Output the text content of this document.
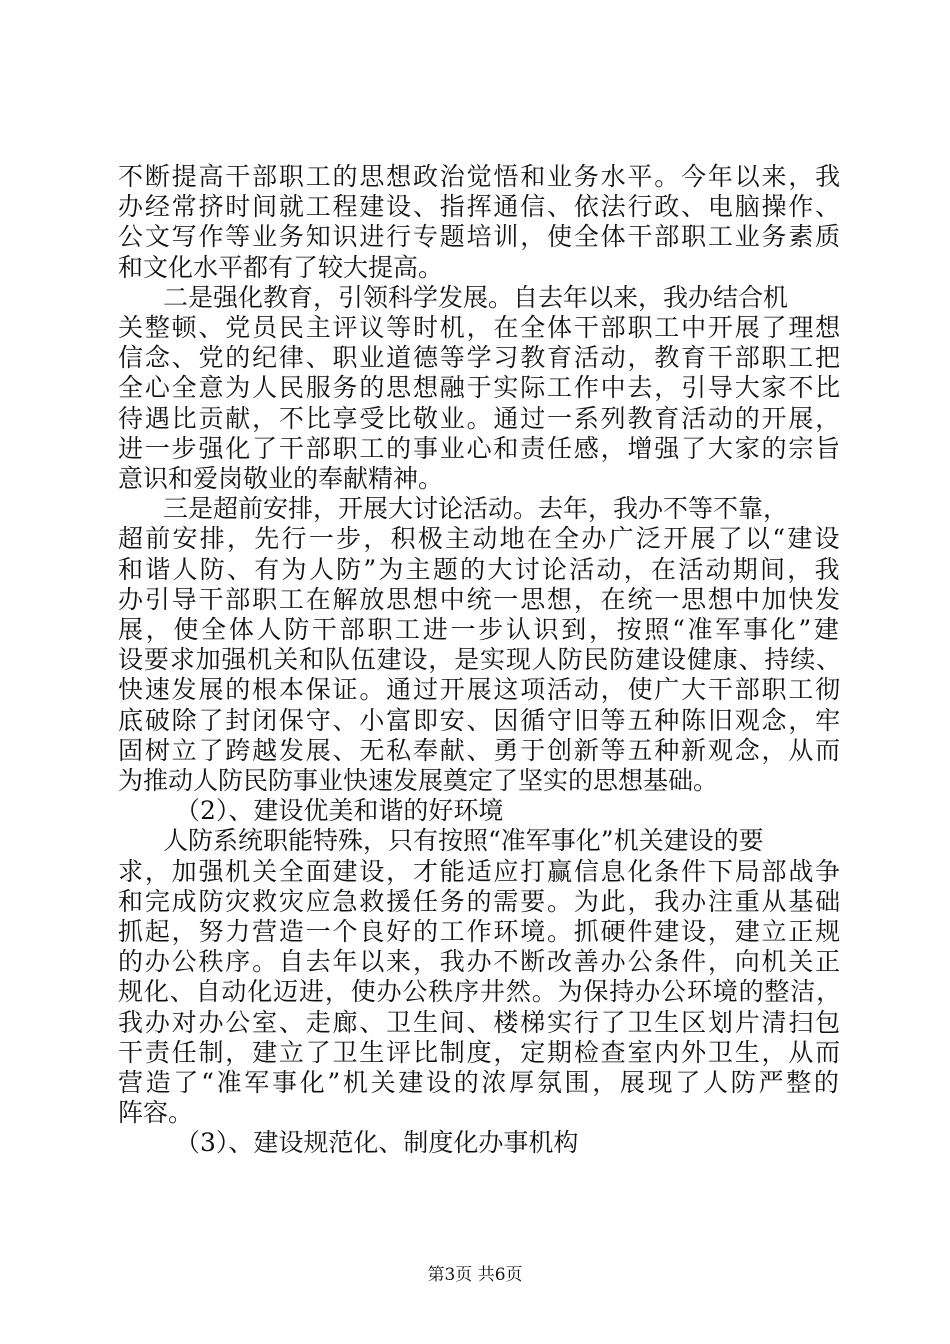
不断提高干部职工的思想政治觉悟和业务水平。今年以来，我
办经常挤时间就工程建设、指挥通信、依法行政、电脑操作、
公文写作等业务知识进行专题培训，使全体干部职工业务素质
和文化水平都有了较大提高。
二是强化教育，引领科学发展。自去年以来，我办结合机
关整顿、党员民主评议等时机，在全体干部职工中开展了理想
信念、党的纪律、职业道德等学习教育活动，教育干部职工把
全心全意为人民服务的思想融于实际工作中去，引导大家不比
待遇比贡献，不比享受比敬业。通过一系列教育活动的开展，
进一步强化了干部职工的事业心和责任感，增强了大家的宗旨
意识和爱岗敬业的奉献精神。
三是超前安排，开展大讨论活动。去年，我办不等不靠，
超前安排，先行一步，积极主动地在全办广泛开展了以“建设
和谐人防、有为人防”为主题的大讨论活动，在活动期间，我
办引导干部职工在解放思想中统一思想，在统一思想中加快发
展，使全体人防干部职工进一步认识到，按照“准军事化”建
设要求加强机关和队伍建设，是实现人防民防建设健康、持续、
快速发展的根本保证。通过开展这项活动，使广大干部职工彻
底破除了封闭保守、小富即安、因循守旧等五种陈旧观念，牢
固树立了跨越发展、无私奉献、勇于创新等五种新观念，从而
为推动人防民防事业快速发展奠定了坚实的思想基础。
（2）、建设优美和谐的好环境
人防系统职能特殊，只有按照“准军事化”机关建设的要
求，加强机关全面建设，才能适应打赢信息化条件下局部战争
和完成防灾救灾应急救援任务的需要。为此，我办注重从基础
抓起，努力营造一个良好的工作环境。抓硬件建设，建立正规
的办公秩序。自去年以来，我办不断改善办公条件，向机关正
规化、自动化迈进，使办公秩序井然。为保持办公环境的整洁，
我办对办公室、走廊、卫生间、楼梯实行了卫生区划片清扫包
干责任制，建立了卫生评比制度，定期检查室内外卫生，从而
营造了“准军事化”机关建设的浓厚氛围，展现了人防严整的
阵容。
（3）、建设规范化、制度化办事机构
第3页 共6页
